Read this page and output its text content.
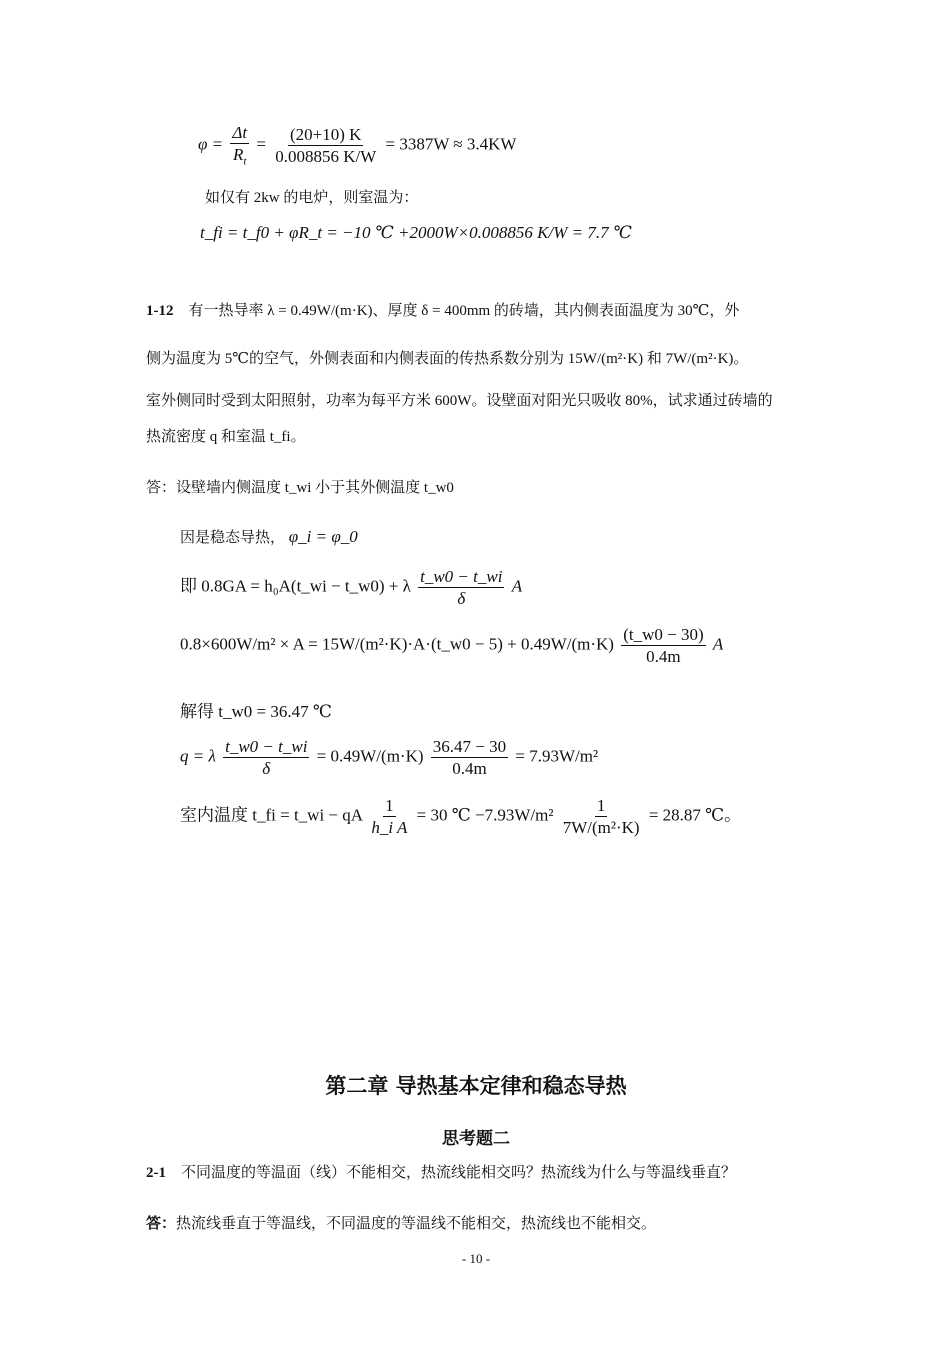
$\varphi = \frac{\Delta t}{R_t} = \frac{(20+10) K}{0.008856 K/W} = 3387W \approx 3.4KW$
如仅有 2kw 的电炉，则室温为：
t_fi = t_f0 + φR_t = −10 ℃ +2000W×0.008856 K/W = 7.7 ℃
1-12 有一热导率 λ = 0.49W/(m·K)、厚度 δ = 400mm 的砖墙，其内侧表面温度为 30℃，外
侧为温度为 5℃的空气，外侧表面和内侧表面的传热系数分别为 15W/(m²·K) 和 7W/(m²·K)。
室外侧同时受到太阳照射，功率为每平方米 600W。设壁面对阳光只吸收 80%，试求通过砖墙的
热流密度 q 和室温 t_fi。
答：设壁墙内侧温度 t_wi 小于其外侧温度 t_w0
因是稳态导热， φ_i = φ_0
即 0.8GA = h₀A(t_wi − t_w0) + λ $\frac{t\_w0 - t\_wi}{\delta}$ A
0.8×600W/m² × A = 15W/(m²·K)·A·(t_w0 − $5) + 0.49W/(m\cdot K) \frac{(t\_w0 - 30)}{0.4m}$ A
解得 t_w0 = 36.47 ℃
q = λ $\frac{t\_w0 - t\_wi}{\delta} = 0.49W/(m\cdot K) \frac{36.47 - 30}{0.4m} = 7.93W/m^2$
室内温度 t_fi = t_wi − qA $\frac{1}{\text{h\_i A}} = 30$ ℃ $-7.93W/m^2 \frac{1}{\text{7W/(m²·K)}} = 28.87$ ℃。
第二章 导热基本定律和稳态导热
思考题二
2-1 不同温度的等温面（线）不能相交，热流线能相交吗？热流线为什么与等温线垂直？
答：热流线垂直于等温线，不同温度的等温线不能相交，热流线也不能相交。
- 10 -
